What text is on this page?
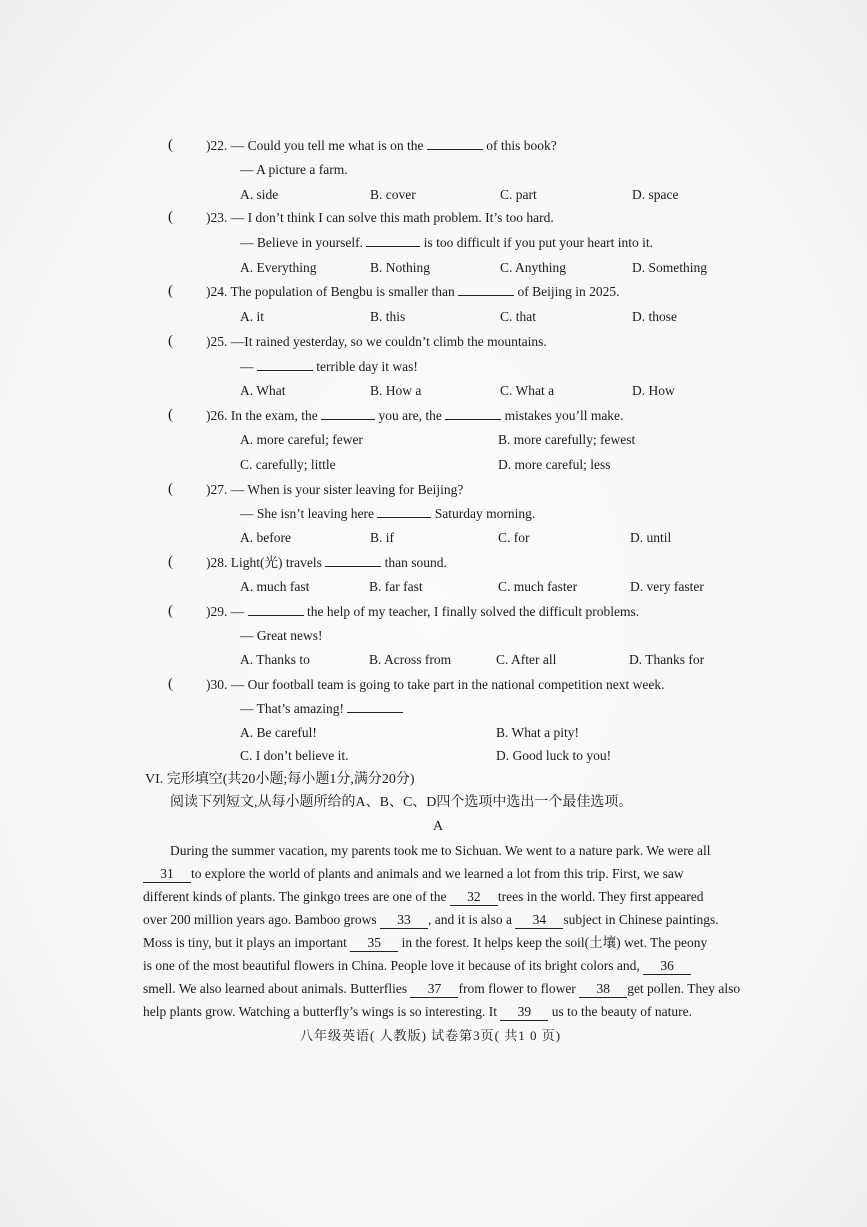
( )22. — Could you tell me what is on the	of this book?
— A picture a farm.
A. side	B. cover	C. part	D. space
( )23. — I don’t think I can solve this math problem. It’s too hard.
— Believe in yourself.	is too difficult if you put your heart into it.
A. Everything	B. Nothing	C. Anything	D. Something
( )24. The population of Bengbu is smaller than	of Beijing in 2025.
A. it	B. this	C. that	D. those
( )25. —It rained yesterday, so we couldn’t climb the mountains.
—	terrible day it was!
A. What	B. How a	C. What a	D. How
( )26. In the exam, the	you are, the	mistakes you’ll make.
A. more careful; fewer	B. more carefully; fewest
C. carefully; little	D. more careful; less
( )27. — When is your sister leaving for Beijing?
— She isn’t leaving here	Saturday morning.
A. before	B. if	C. for	D. until
( )28. Light(光) travels	than sound.
A. much fast	B. far fast	C. much faster	D. very faster
( )29. —	the help of my teacher, I finally solved the difficult problems.
— Great news!
A. Thanks to	B. Across from	C. After all	D. Thanks for
( )30. — Our football team is going to take part in the national competition next week.
— That’s amazing!
A. Be careful!	B. What a pity!
C. I don’t believe it.	D. Good luck to you!
VI. 完形填空(共20小题;每小题1分,满分20分)
阅读下列短文,从每小题所给的A、B、C、D四个选项中选出一个最佳选项。
A
During the summer vacation, my parents took me to Sichuan. We went to a nature park. We were all
31 to explore the world of plants and animals and we learned a lot from this trip. First, we saw
different kinds of plants. The ginkgo trees are one of the 32 trees in the world. They first appeared
over 200 million years ago. Bamboo grows 33 , and it is also a 34 subject in Chinese paintings.
Moss is tiny, but it plays an important 35 in the forest. It helps keep the soil(土壤) wet. The peony
is one of the most beautiful flowers in China. People love it because of its bright colors and, 36
smell. We also learned about animals. Butterflies 37 from flower to flower 38 get pollen. They also
help plants grow. Watching a butterfly’s wings is so interesting. It 39 us to the beauty of nature.
八年级英语( 人教版) 试卷第3页( 共1 0 页)
